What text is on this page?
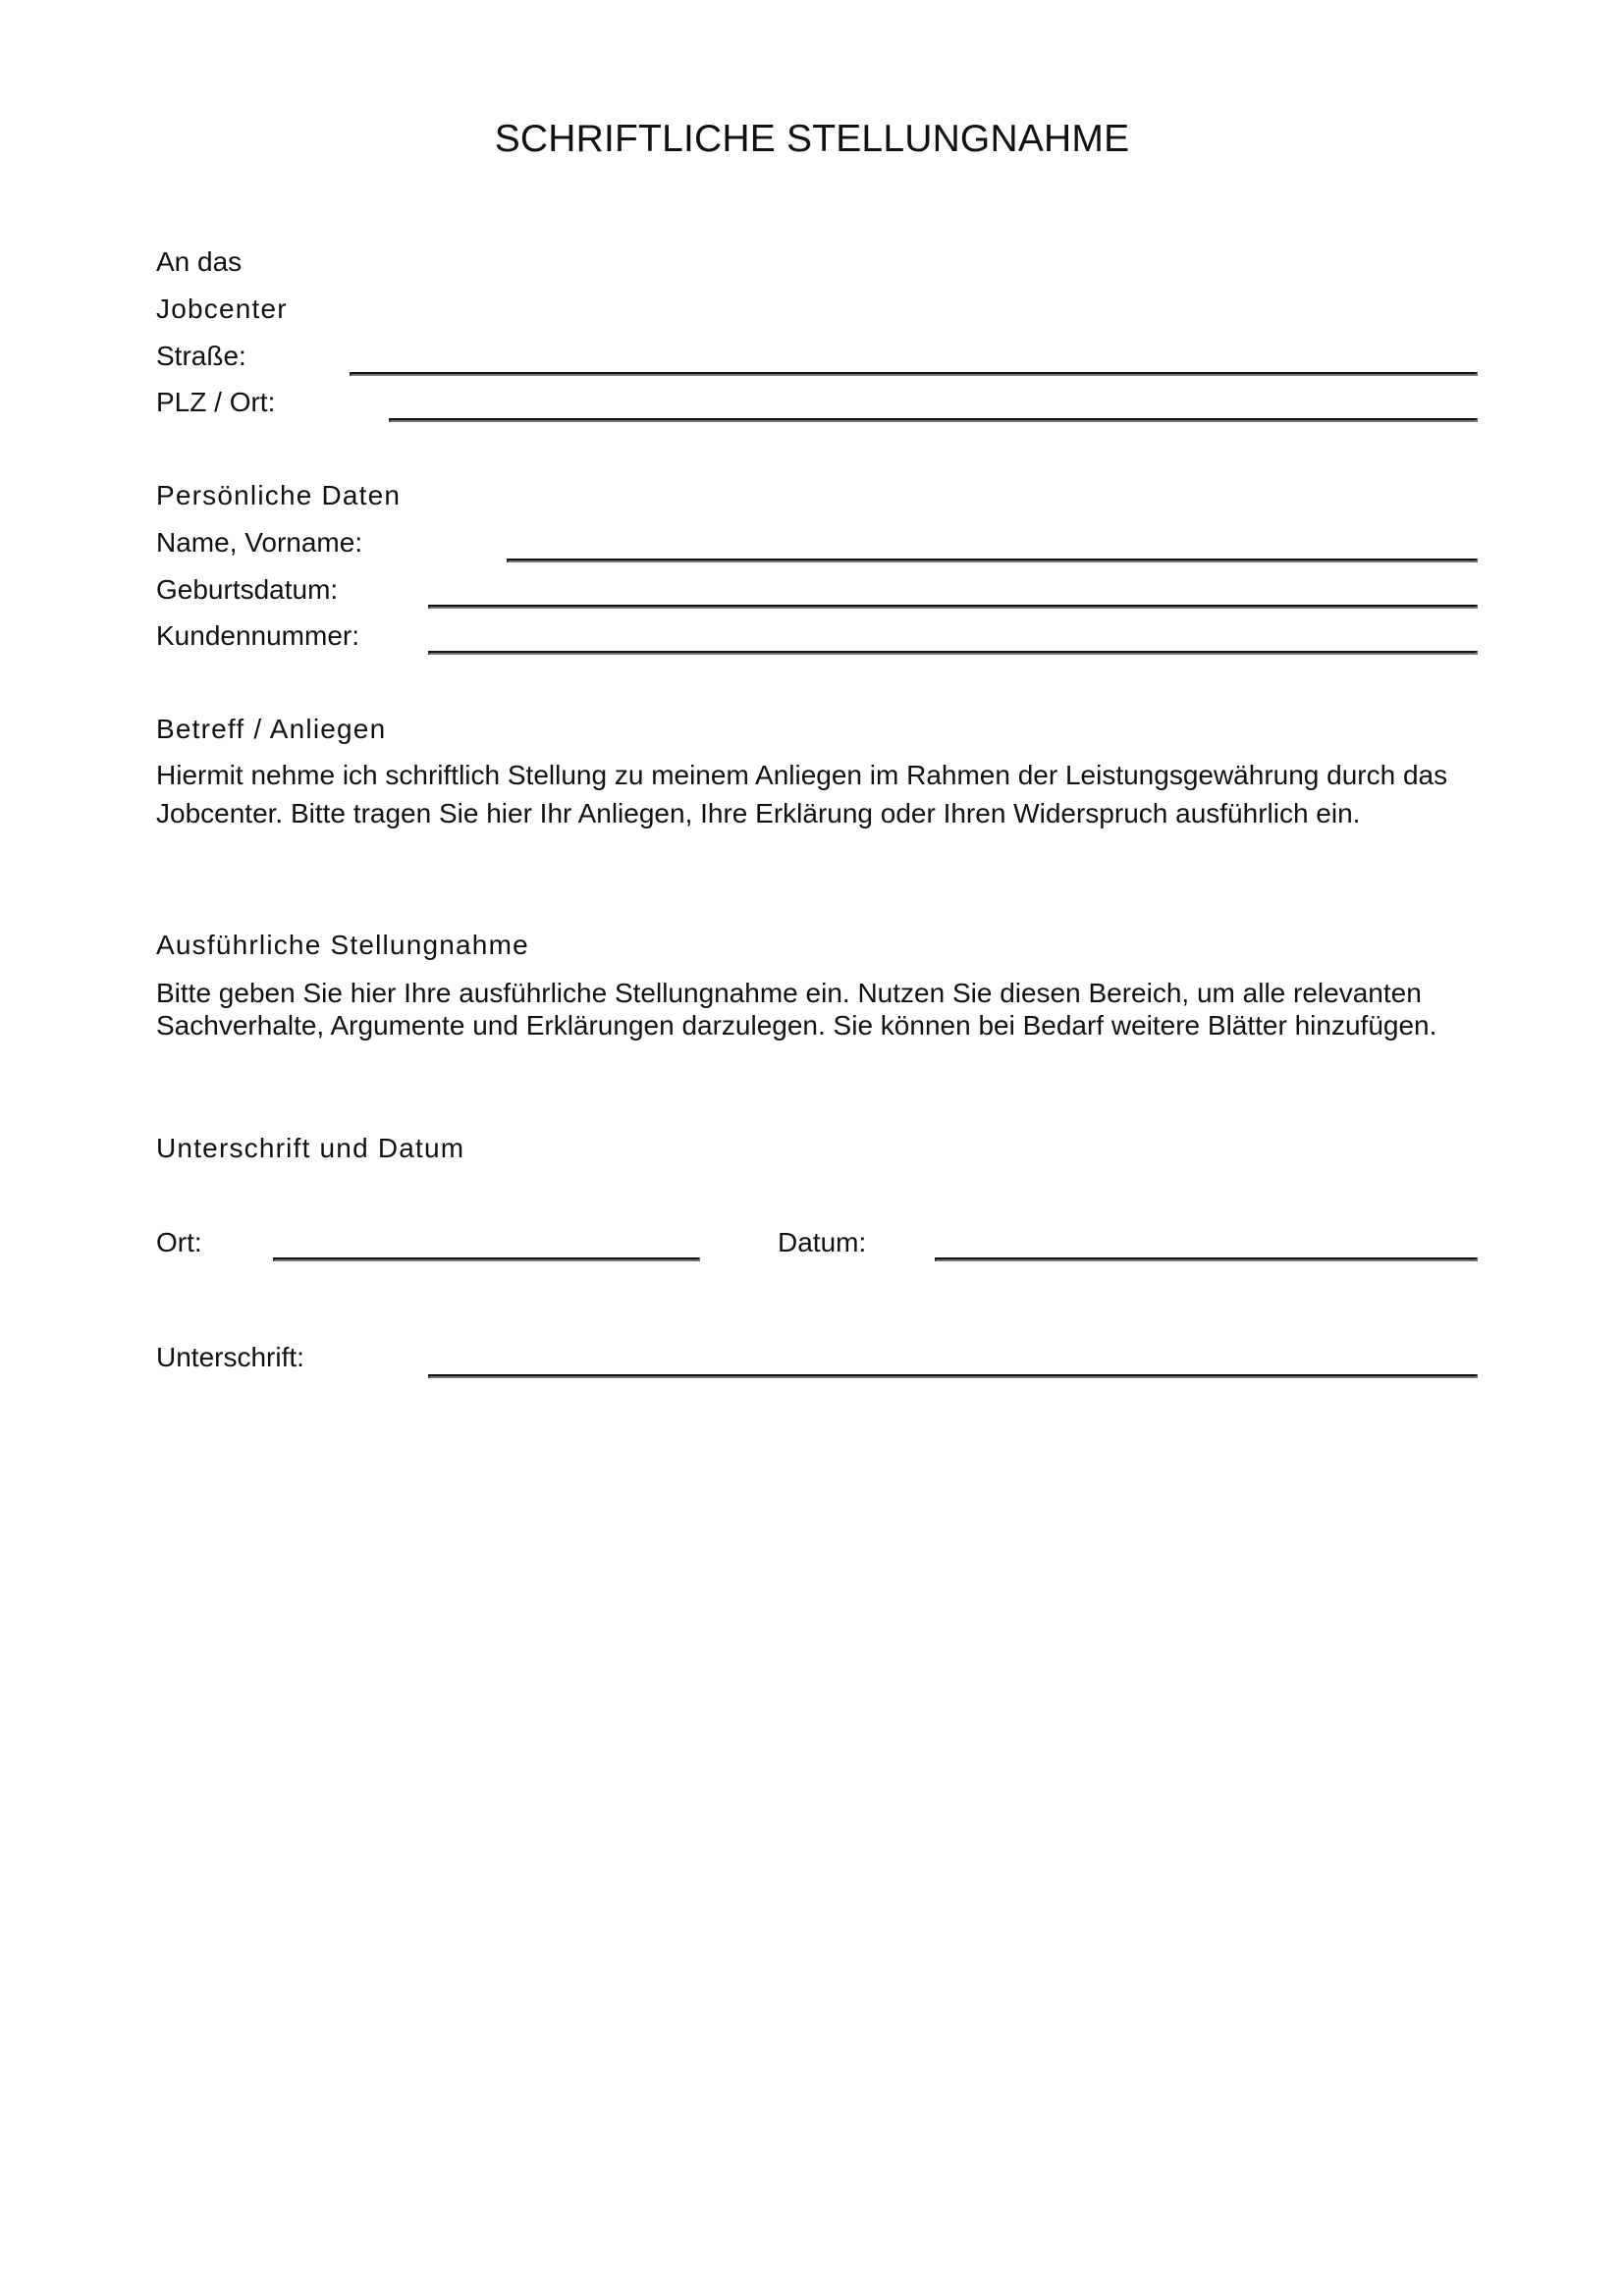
SCHRIFTLICHE STELLUNGNAHME
An das
Jobcenter
Straße:
PLZ / Ort:
Persönliche Daten
Name, Vorname:
Geburtsdatum:
Kundennummer:
Betreff / Anliegen
Hiermit nehme ich schriftlich Stellung zu meinem Anliegen im Rahmen der Leistungsgewährung durch das Jobcenter. Bitte tragen Sie hier Ihr Anliegen, Ihre Erklärung oder Ihren Widerspruch ausführlich ein.
Ausführliche Stellungnahme
Bitte geben Sie hier Ihre ausführliche Stellungnahme ein. Nutzen Sie diesen Bereich, um alle relevanten Sachverhalte, Argumente und Erklärungen darzulegen. Sie können bei Bedarf weitere Blätter hinzufügen.
Unterschrift und Datum
Ort:	Datum:
Unterschrift:
